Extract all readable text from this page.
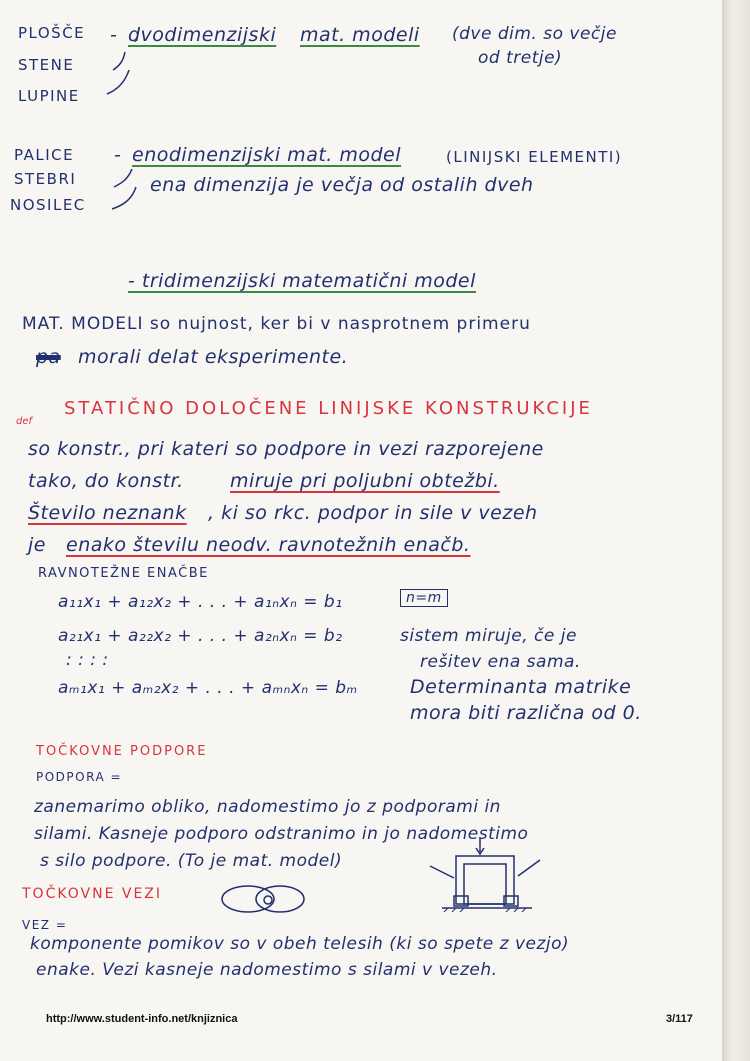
PLOŠČE
STENE
LUPINE
- dvodimenzijski mat. modeli (dve dim. so večje
od tretje)
PALICE
STEBRI
NOSILEC
- enodimenzijski mat. model	(LINIJSKI ELEMENTI)
ena dimenzija je večja od ostalih dveh
- tridimenzijski matematični model
MAT. MODELI so nujnost, ker bi v nasprotnem primeru
pa morali delat eksperimente.
def
STATIČNO DOLOČENE LINIJSKE KONSTRUKCIJE
so konstr., pri kateri so podpore in vezi razporejene
tako, do konstr. miruje pri poljubni obtežbi.
Število neznank , ki so rkc. podpor in sile v vezeh
je enako številu neodv. ravnotežnih enačb.
RAVNOTEŽNE ENAČBE
a₁₁x₁ + a₁₂x₂ + . . . + a₁ₙxₙ = b₁
a₂₁x₁ + a₂₂x₂ + . . . + a₂ₙxₙ = b₂
: : : :
aₘ₁x₁ + aₘ₂x₂ + . . . + aₘₙxₙ = bₘ
n=m
sistem miruje, če je
rešitev ena sama.
Determinanta matrike
mora biti različna od 0.
TOČKOVNE PODPORE
PODPORA =
zanemarimo obliko, nadomestimo jo z podporami in
silami. Kasneje podporo odstranimo in jo nadomestimo
s silo podpore. (To je mat. model)
TOČKOVNE VEZI
VEZ =
komponente pomikov so v obeh telesih (ki so spete z vezjo)
enake. Vezi kasneje nadomestimo s silami v vezeh.
http://www.student-info.net/knjiznica	3/117
